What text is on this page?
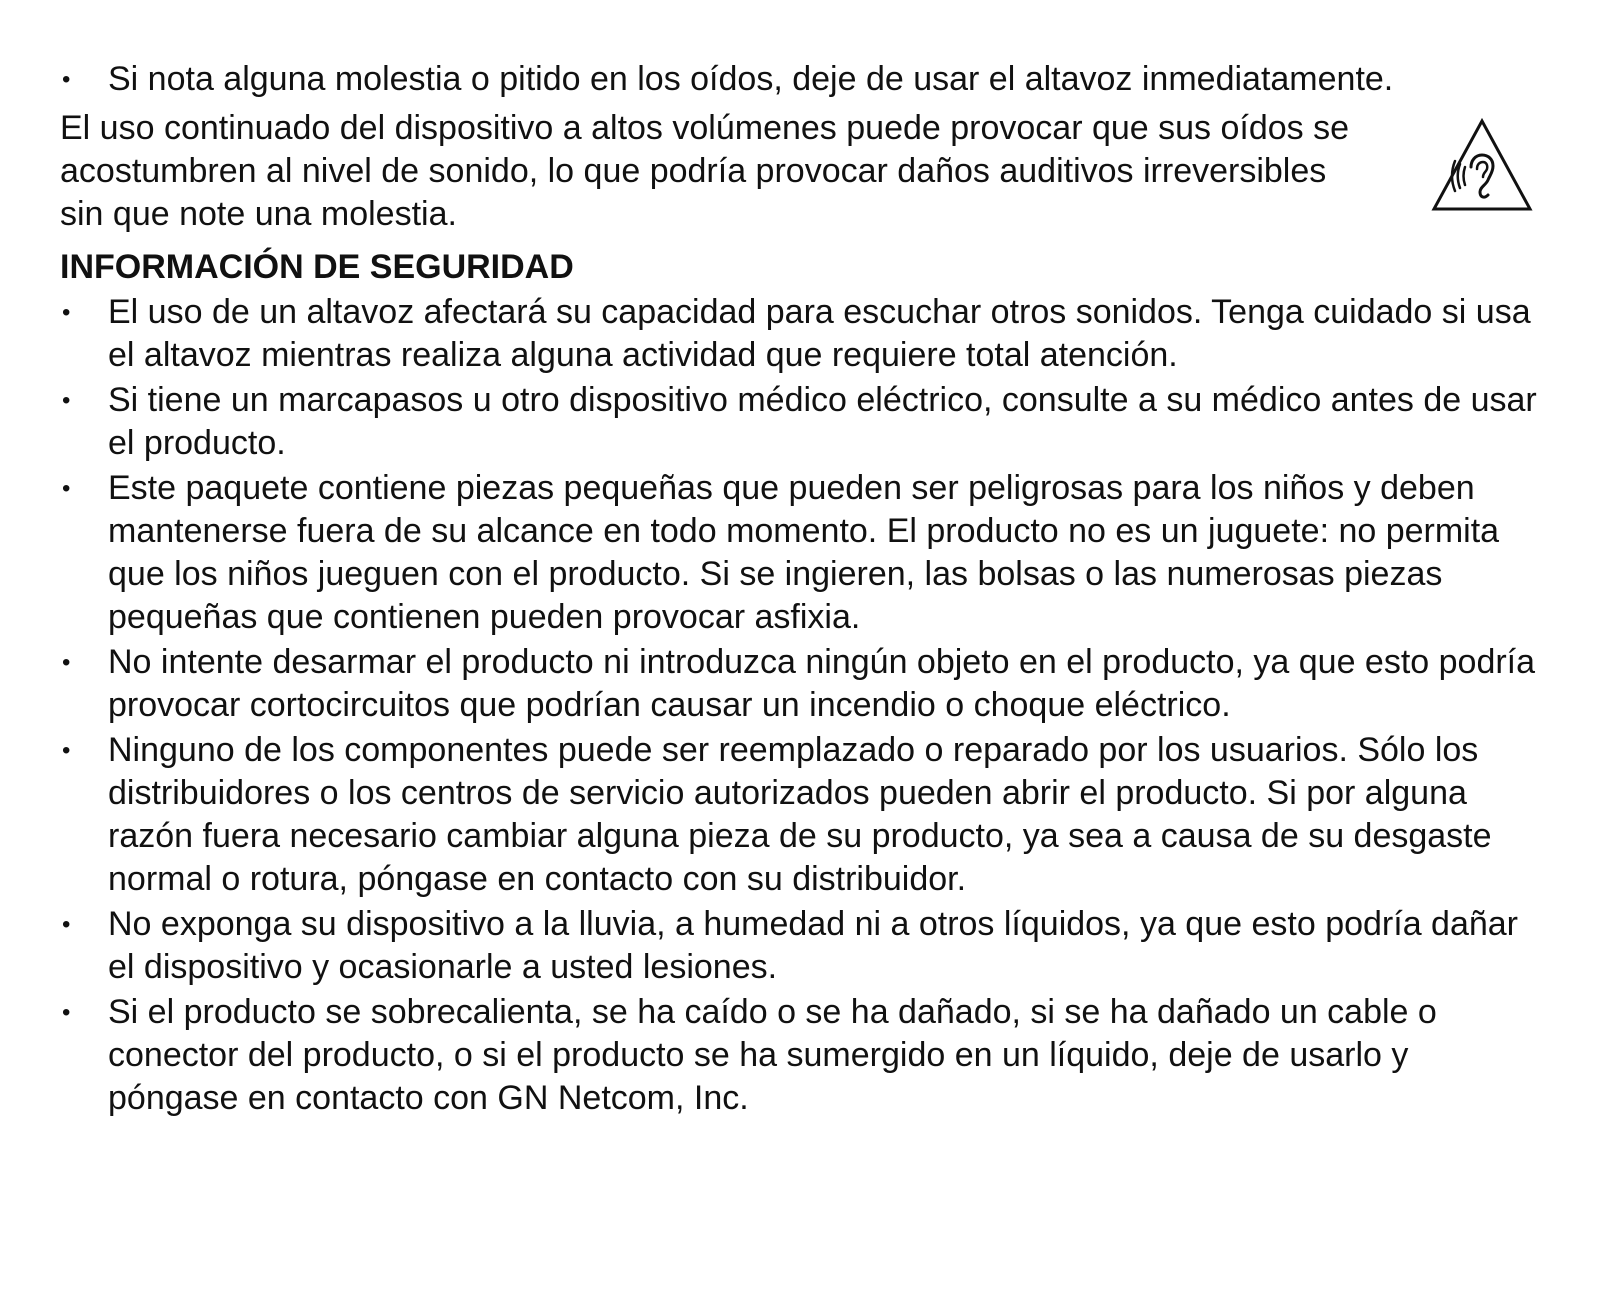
•	Si nota alguna molestia o pitido en los oídos, deje de usar el altavoz inmediatamente.
El uso continuado del dispositivo a altos volúmenes puede provocar que sus oídos se acostumbren al nivel de sonido, lo que podría provocar daños auditivos irreversibles sin que note una molestia.
INFORMACIÓN DE SEGURIDAD
•	El uso de un altavoz afectará su capacidad para escuchar otros sonidos. Tenga cuidado si usa el altavoz mientras realiza alguna actividad que requiere total atención.
•	Si tiene un marcapasos u otro dispositivo médico eléctrico, consulte a su médico antes de usar el producto.
•	Este paquete contiene piezas pequeñas que pueden ser peligrosas para los niños y deben mantenerse fuera de su alcance en todo momento. El producto no es un juguete: no permita que los niños jueguen con el producto. Si se ingieren, las bolsas o las numerosas piezas pequeñas que contienen pueden provocar asfixia.
•	No intente desarmar el producto ni introduzca ningún objeto en el producto, ya que esto podría provocar cortocircuitos que podrían causar un incendio o choque eléctrico.
•	Ninguno de los componentes puede ser reemplazado o reparado por los usuarios. Sólo los distribuidores o los centros de servicio autorizados pueden abrir el producto. Si por alguna razón fuera necesario cambiar alguna pieza de su producto, ya sea a causa de su desgaste normal o rotura, póngase en contacto con su distribuidor.
•	No exponga su dispositivo a la lluvia, a humedad ni a otros líquidos, ya que esto podría dañar el dispositivo y ocasionarle a usted lesiones.
•	Si el producto se sobrecalienta, se ha caído o se ha dañado, si se ha dañado un cable o conector del producto, o si el producto se ha sumergido en un líquido, deje de usarlo y póngase en contacto con GN Netcom, Inc.
